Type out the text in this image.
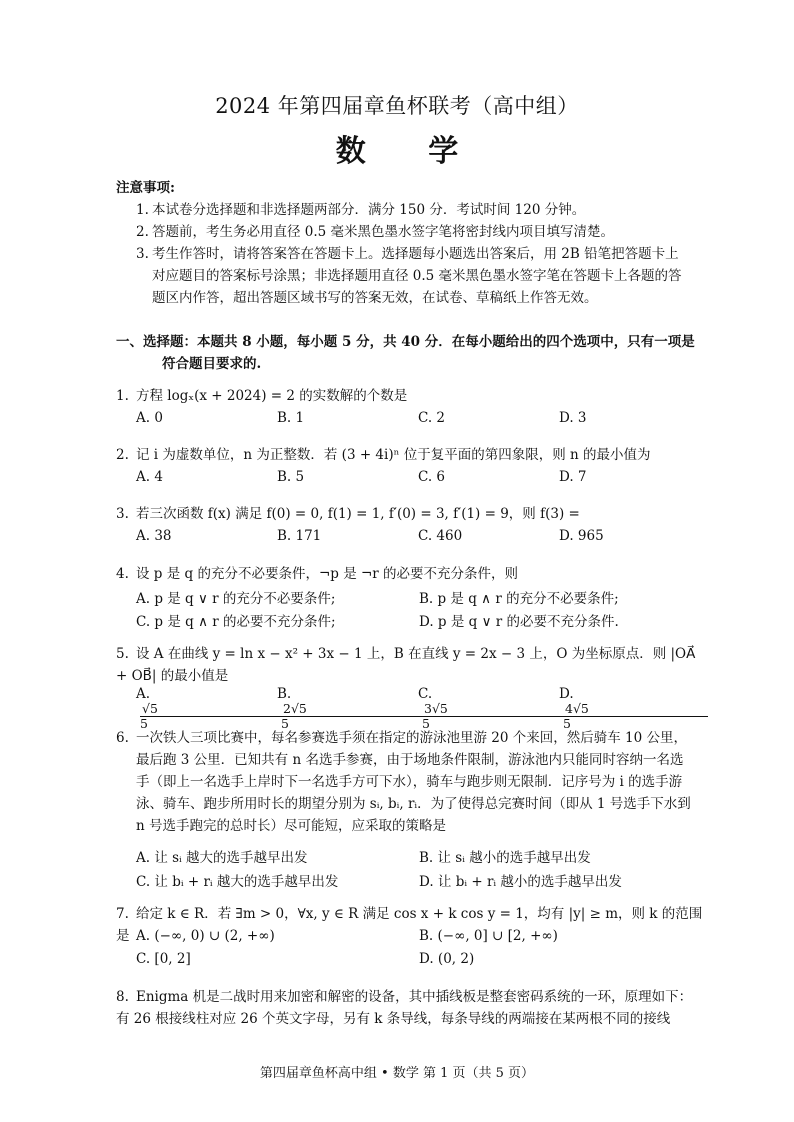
2024 年第四届章鱼杯联考（高中组）
数 学
注意事项:
1. 本试卷分选择题和非选择题两部分．满分 150 分．考试时间 120 分钟。
2. 答题前，考生务必用直径 0.5 毫米黑色墨水签字笔将密封线内项目填写清楚。
3. 考生作答时，请将答案答在答题卡上。选择题每小题选出答案后，用 2B 铅笔把答题卡上
对应题目的答案标号涂黑；非选择题用直径 0.5 毫米黑色墨水签字笔在答题卡上各题的答
题区内作答，超出答题区域书写的答案无效，在试卷、草稿纸上作答无效。
一、选择题：本题共 8 小题，每小题 5 分，共 40 分．在每小题给出的四个选项中，只有一项是
符合题目要求的.
1. 方程 logₓ(x + 2024) = 2 的实数解的个数是
A. 0	B. 1	C. 2	D. 3
2. 记 i 为虚数单位，n 为正整数．若 (3 + 4i)ⁿ 位于复平面的第四象限，则 n 的最小值为
A. 4	B. 5	C. 6	D. 7
3. 若三次函数 f(x) 满足 f(0) = 0, f(1) = 1, f′(0) = 3, f′(1) = 9，则 f(3) =
A. 38	B. 171	C. 460	D. 965
4. 设 p 是 q 的充分不必要条件，¬p 是 ¬r 的必要不充分条件，则
A. p 是 q ∨ r 的充分不必要条件;	B. p 是 q ∧ r 的充分不必要条件;
C. p 是 q ∧ r 的必要不充分条件;	D. p 是 q ∨ r 的必要不充分条件.
5. 设 A 在曲线 y = ln x − x² + 3x − 1 上，B 在直线 y = 2x − 3 上，O 为坐标原点．则 |OA⃗ + OB⃗| 的最小值是
A. $\frac{√5}{5}$
B. $\frac{2√5}{5}$
C. $\frac{3√5}{5}$
D. $\frac{4√5}{5}$
6. 一次铁人三项比赛中，每名参赛选手须在指定的游泳池里游 20 个来回，然后骑车 10 公里，
最后跑 3 公里．已知共有 n 名选手参赛，由于场地条件限制，游泳池内只能同时容纳一名选
手（即上一名选手上岸时下一名选手方可下水），骑车与跑步则无限制．记序号为 i 的选手游
泳、骑车、跑步所用时长的期望分别为 sᵢ, bᵢ, rᵢ．为了使得总完赛时间（即从 1 号选手下水到
n 号选手跑完的总时长）尽可能短，应采取的策略是
A. 让 sᵢ 越大的选手越早出发	B. 让 sᵢ 越小的选手越早出发
C. 让 bᵢ + rᵢ 越大的选手越早出发	D. 让 bᵢ + rᵢ 越小的选手越早出发
7. 给定 k ∈ R．若 ∃m > 0，∀x, y ∈ R 满足 cos x + k cos y = 1，均有 |y| ≥ m，则 k 的范围是 A. (−∞, 0) ∪ (2, +∞)	B. (−∞, 0] ∪ [2, +∞)
C. [0, 2]	D. (0, 2)
8. Enigma 机是二战时用来加密和解密的设备，其中插线板是整套密码系统的一环，原理如下：
有 26 根接线柱对应 26 个英文字母，另有 k 条导线，每条导线的两端接在某两根不同的接线
第四届章鱼杯高中组 • 数学 第 1 页（共 5 页）
